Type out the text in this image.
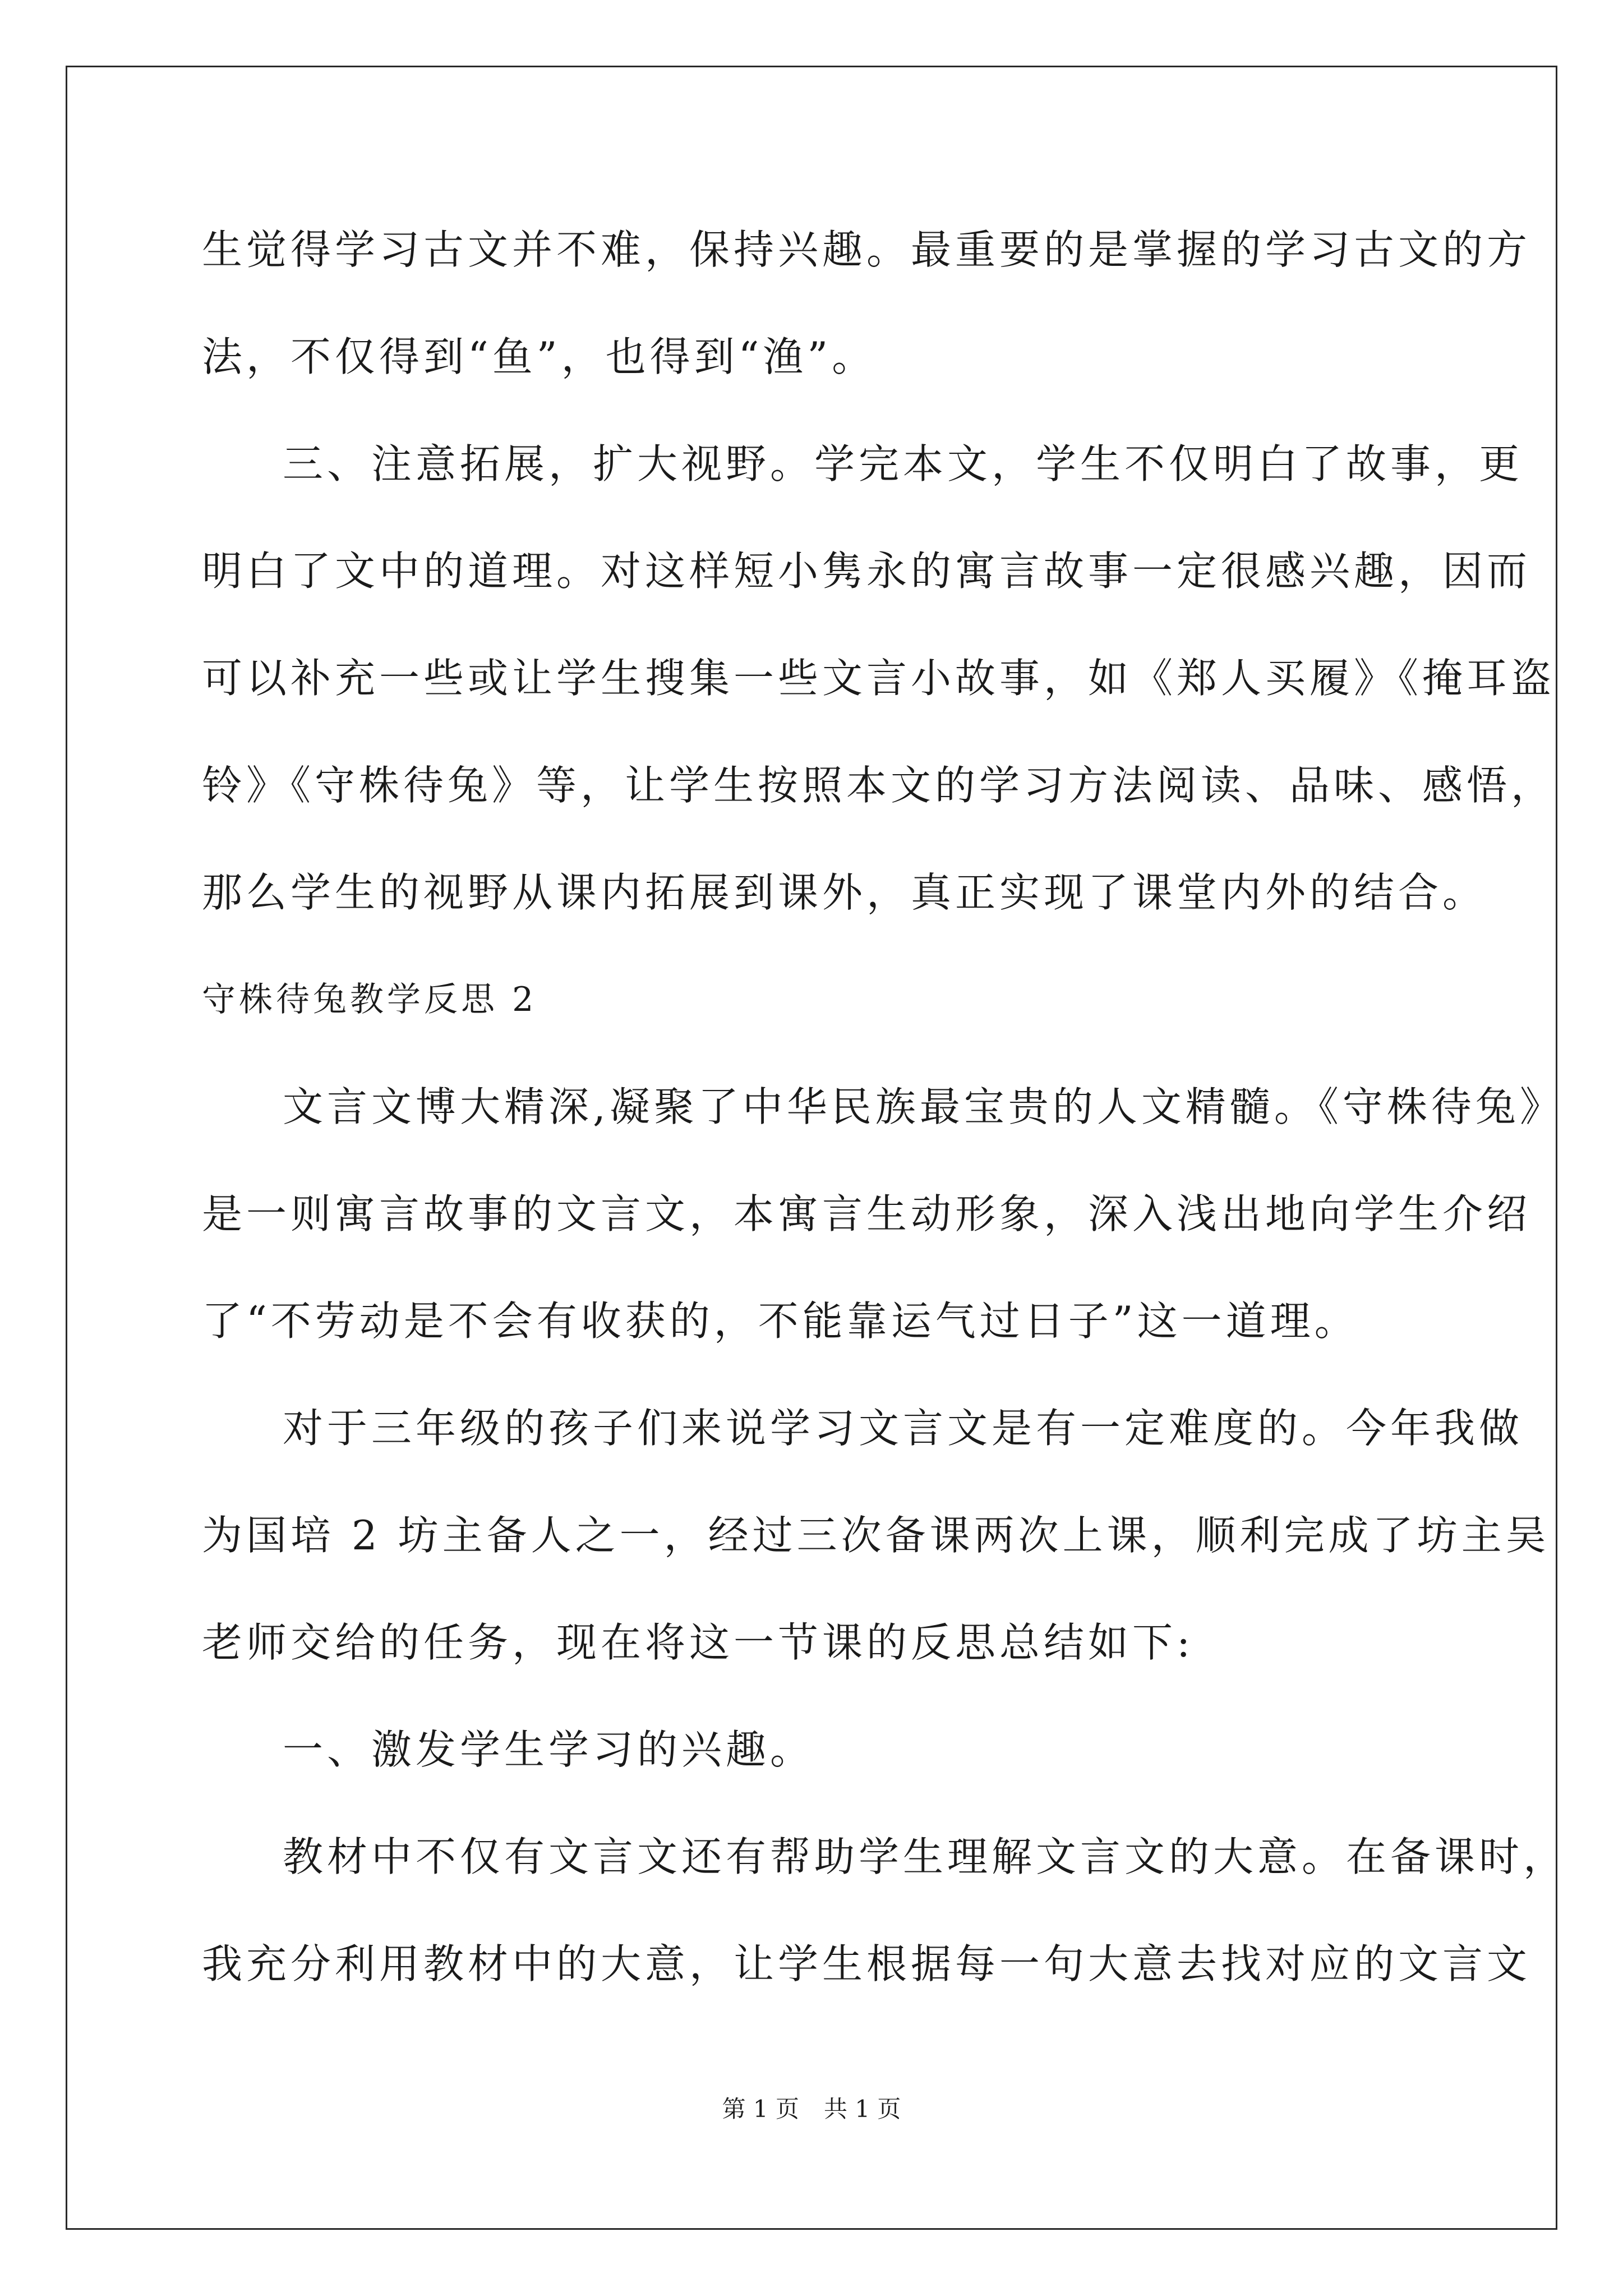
生觉得学习古文并不难，保持兴趣。最重要的是掌握的学习古文的方
法，不仅得到“鱼”，也得到“渔”。
三、注意拓展，扩大视野。学完本文，学生不仅明白了故事，更
明白了文中的道理。对这样短小隽永的寓言故事一定很感兴趣，因而
可以补充一些或让学生搜集一些文言小故事，如《郑人买履》《掩耳盗
铃》《守株待兔》等，让学生按照本文的学习方法阅读、品味、感悟，
那么学生的视野从课内拓展到课外，真正实现了课堂内外的结合。
守株待兔教学反思 2
文言文博大精深,凝聚了中华民族最宝贵的人文精髓。《守株待兔》
是一则寓言故事的文言文，本寓言生动形象，深入浅出地向学生介绍
了“不劳动是不会有收获的，不能靠运气过日子”这一道理。
对于三年级的孩子们来说学习文言文是有一定难度的。今年我做
为国培 2 坊主备人之一，经过三次备课两次上课，顺利完成了坊主吴
老师交给的任务，现在将这一节课的反思总结如下:
一、激发学生学习的兴趣。
教材中不仅有文言文还有帮助学生理解文言文的大意。在备课时，
我充分利用教材中的大意，让学生根据每一句大意去找对应的文言文
第 1 页 共 1 页
